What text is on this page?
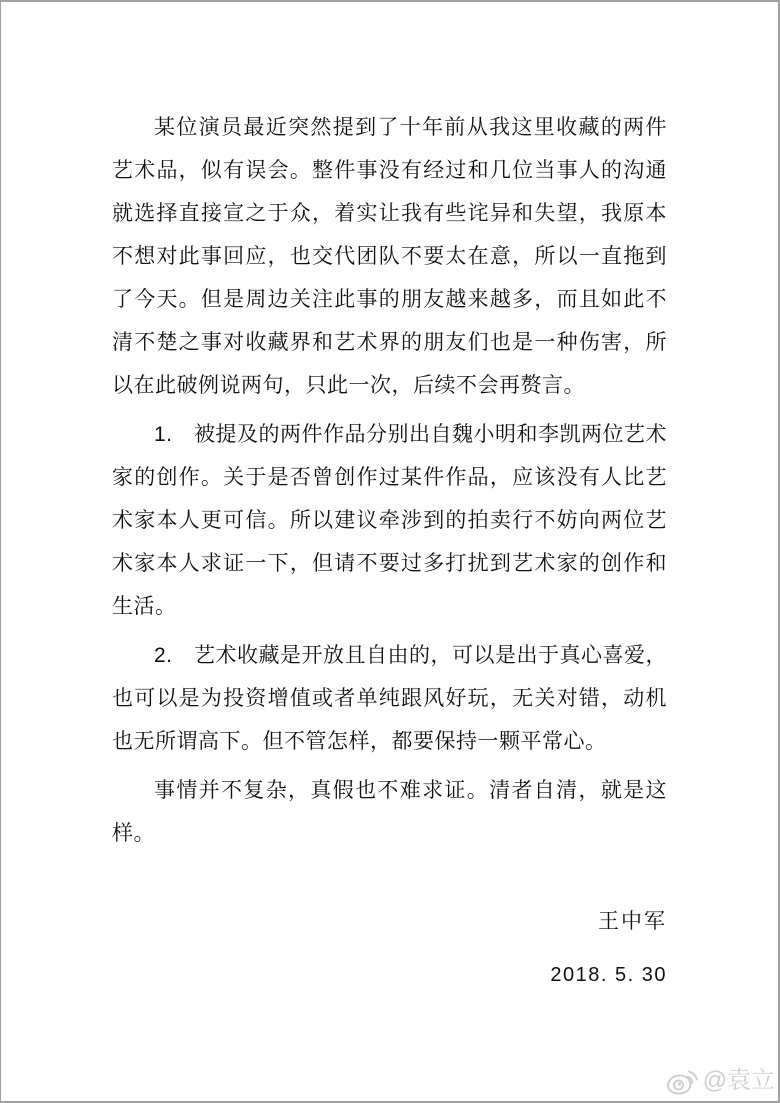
某位演员最近突然提到了十年前从我这里收藏的两件艺术品，似有误会。整件事没有经过和几位当事人的沟通就选择直接宣之于众，着实让我有些诧异和失望，我原本不想对此事回应，也交代团队不要太在意，所以一直拖到了今天。但是周边关注此事的朋友越来越多，而且如此不清不楚之事对收藏界和艺术界的朋友们也是一种伤害，所以在此破例说两句，只此一次，后续不会再赘言。

1.　被提及的两件作品分别出自魏小明和李凯两位艺术家的创作。关于是否曾创作过某件作品，应该没有人比艺术家本人更可信。所以建议牵涉到的拍卖行不妨向两位艺术家本人求证一下，但请不要过多打扰到艺术家的创作和生活。

2.　艺术收藏是开放且自由的，可以是出于真心喜爱，也可以是为投资增值或者单纯跟风好玩，无关对错，动机也无所谓高下。但不管怎样，都要保持一颗平常心。

事情并不复杂，真假也不难求证。清者自清，就是这样。

王中军

2018. 5. 30

@袁立
